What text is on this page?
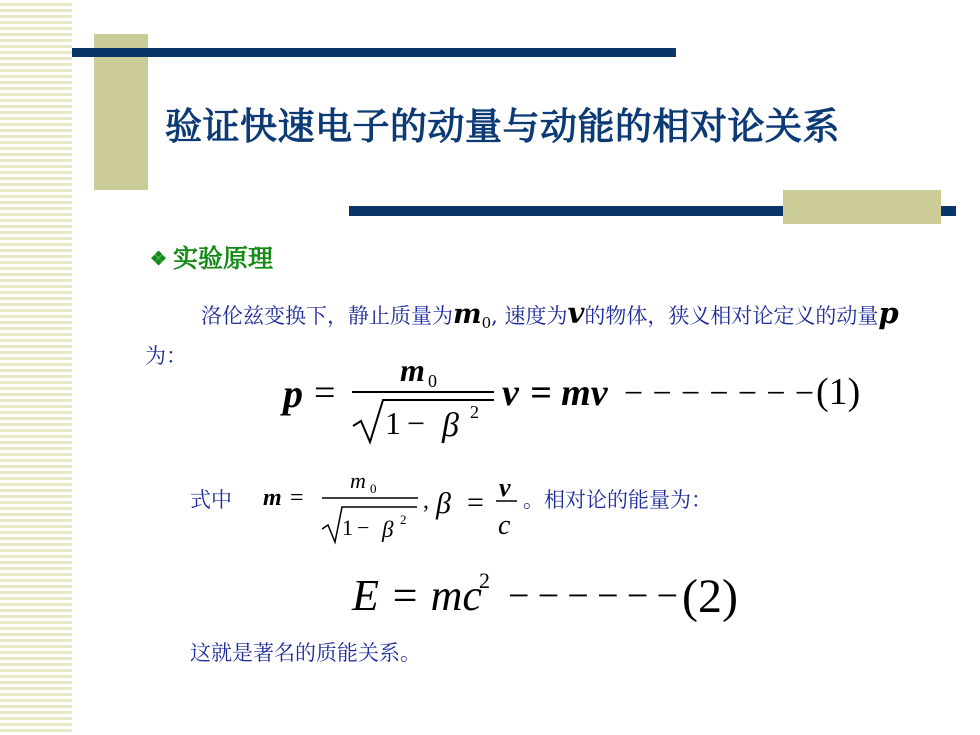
验证快速电子的动量与动能的相对论关系
❖ 实验原理
洛伦兹变换下，静止质量为$m_0$, 速度为v的物体，狭义相对论定义的动量p为：
p =
m 0
1 − β 2 v = mv −−−−−−− (1)
式中 m =
m 0
1 − β 2
, β = v
c
。相对论的能量为：
E = mc
2 −−−−−− (2)
这就是著名的质能关系。
